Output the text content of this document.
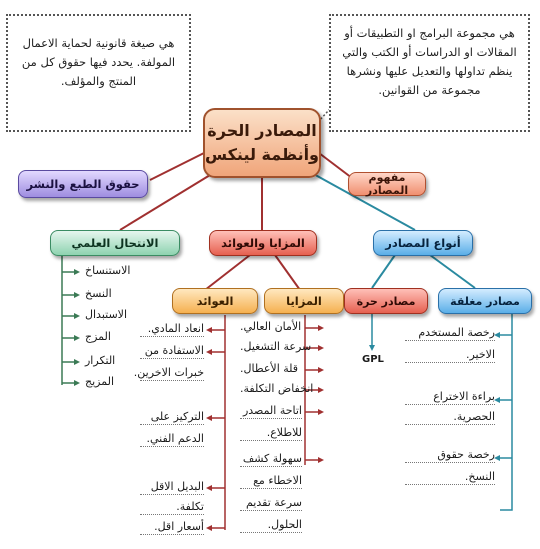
هي مجموعة البرامج او التطبيقات أو المقالات او الدراسات أو الكتب والتي ينظم تداولها والتعديل عليها ونشرها مجموعة من القوانين.
هي صيغة قانونية لحماية الاعمال المولفة. يحدد فيها حقوق كل من المنتج والمؤلف.
المصادر الحرة
وأنظمة لينكس
مفهوم المصادر
حقوق الطبع والنشر
الانتحال العلمي	المزايا والعوائد	أنواع المصادر
العوائد	المزايا	مصادر حرة	مصادر مغلقة
الاستنساخ
النسخ
الاستبدال
المزج
التكرار
المزيج
انعاد المادي.
الاستفادة من
خبرات الاخرين.
التركيز على
الدعم الفني.
البديل الاقل
تكلفة.
أسعار اقل.
الأمان العالي.
سرعة التشغيل.
قلة الأعطال.
انخفاض التكلفة.
اتاحة المصدر
للاطلاع.
سهولة كشف
الاخطاء مع
سرعة تقديم
الحلول.
GPL
رخصة المستخدم
الاخير.
براءة الاختراع
الحصرية.
رخصة حقوق
النسخ.
